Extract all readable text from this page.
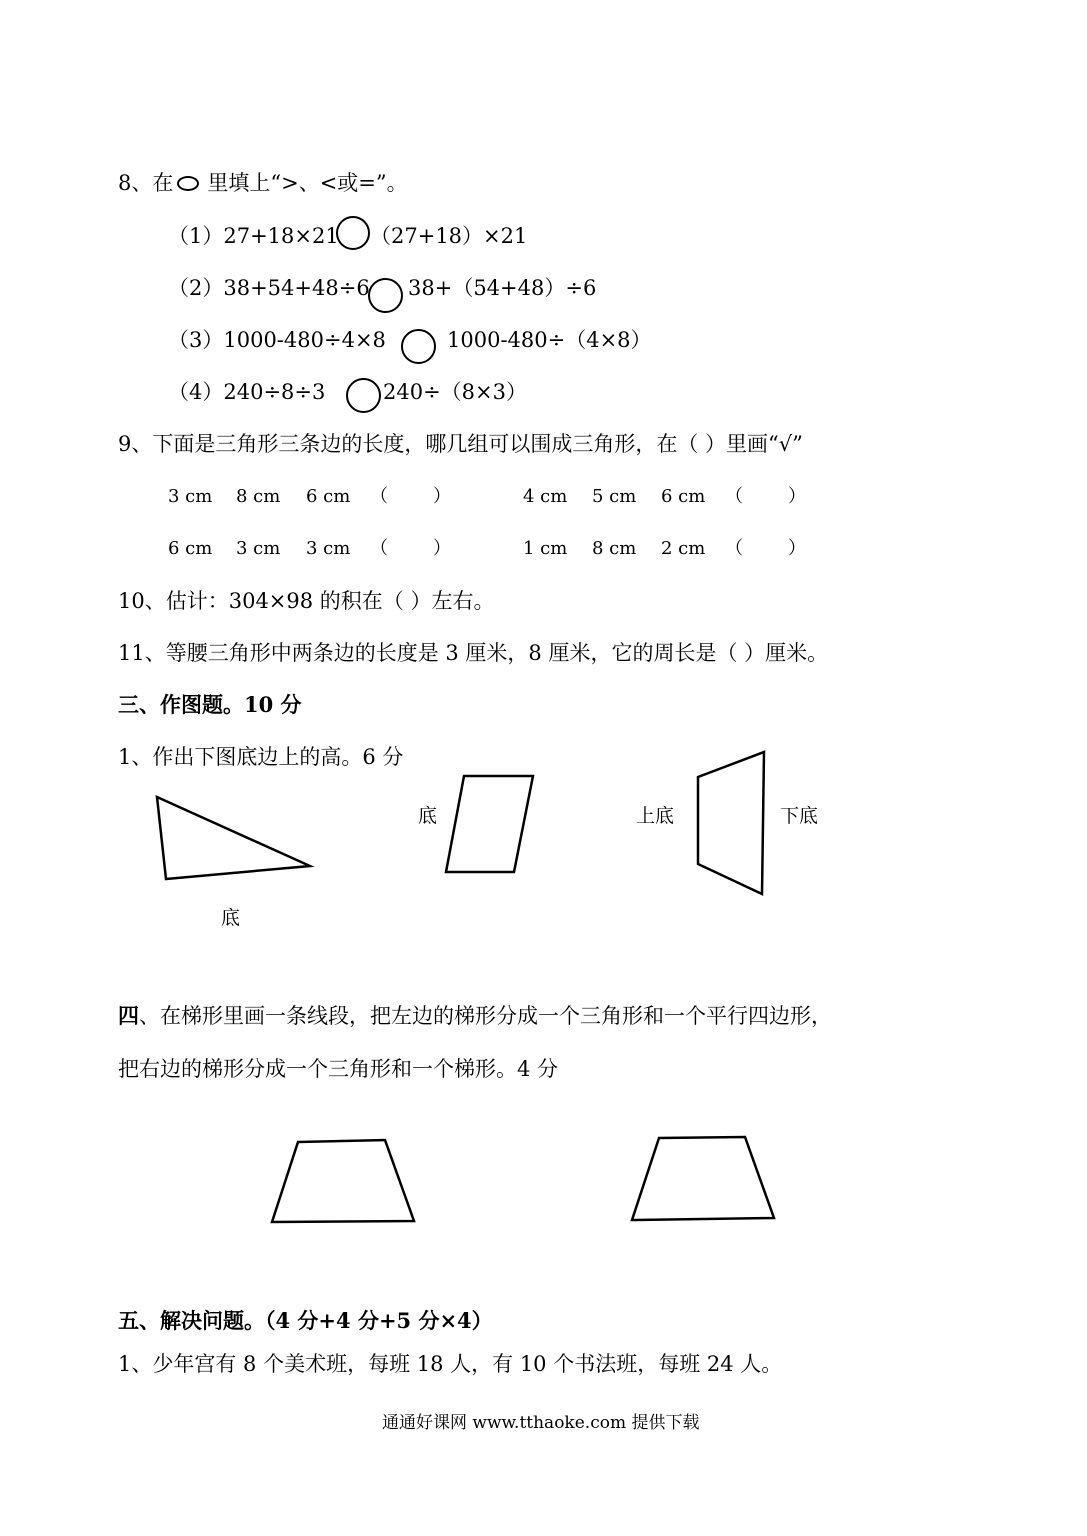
8、在 里填上“>、<或=”。
（1）27+18×21 （27+18）×21
（2）38+54+48÷6 38+（54+48）÷6
（3）1000-480÷4×8	1000-480÷（4×8）
（4）240÷8÷3	240÷（8×3）
9、下面是三角形三条边的长度，哪几组可以围成三角形，在（ ）里画“√”
3 cm 8 cm 6 cm （	）	4 cm 5 cm 6 cm （	）
6 cm 3 cm 3 cm （	）	1 cm 8 cm 2 cm （	）
10、估计：304×98 的积在（ ）左右。
11、等腰三角形中两条边的长度是 3 厘米，8 厘米，它的周长是（ ）厘米。
三、作图题。10 分
1、作出下图底边上的高。6 分
底
底	上底	下底
四、在梯形里画一条线段，把左边的梯形分成一个三角形和一个平行四边形，
把右边的梯形分成一个三角形和一个梯形。4 分
五、解决问题。（4 分+4 分+5 分×4）
1、少年宫有 8 个美术班，每班 18 人，有 10 个书法班，每班 24 人。
通通好课网 www.tthaoke.com 提供下载
